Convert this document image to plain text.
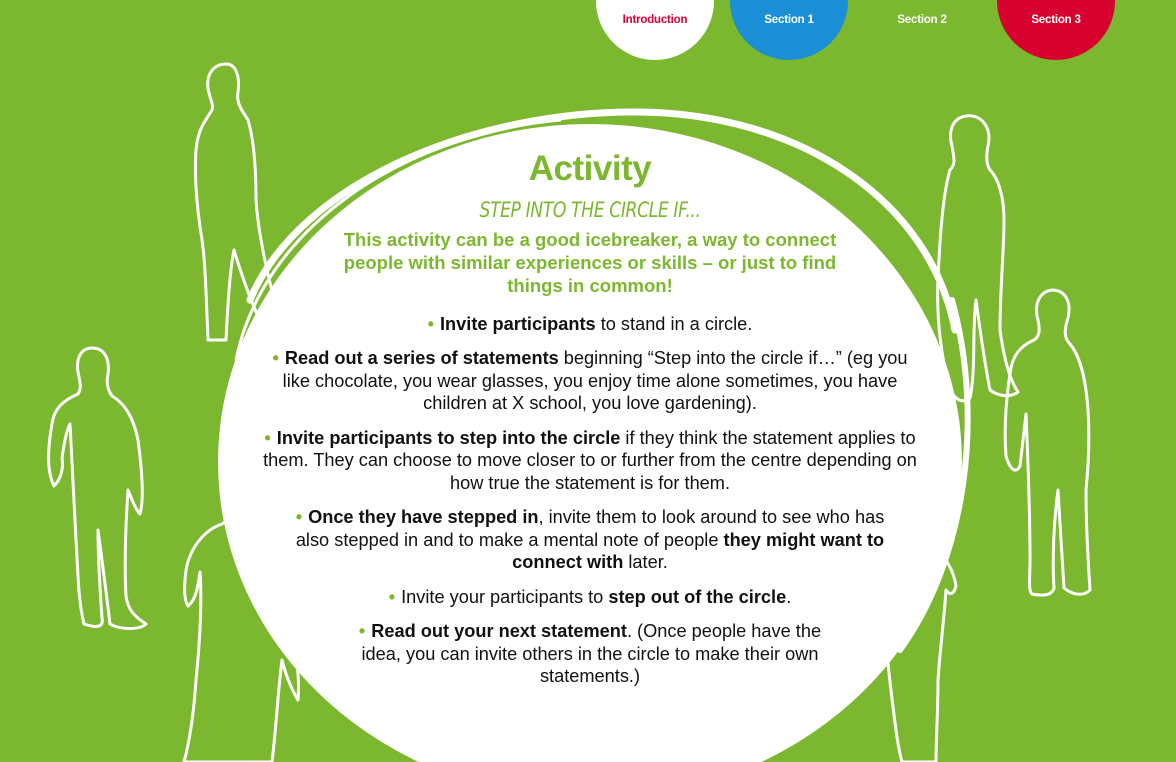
Introduction	Section 1	Section 2	Section 3
Activity
STEP INTO THE CIRCLE IF...

This activity can be a good icebreaker, a way to connect people with similar experiences or skills – or just to find things in common!

• Invite participants to stand in a circle.
• Read out a series of statements beginning “Step into the circle if…” (eg you like chocolate, you wear glasses, you enjoy time alone sometimes, you have children at X school, you love gardening).
• Invite participants to step into the circle if they think the statement applies to them. They can choose to move closer to or further from the centre depending on how true the statement is for them.
• Once they have stepped in, invite them to look around to see who has also stepped in and to make a mental note of people they might want to connect with later.
• Invite your participants to step out of the circle.
• Read out your next statement. (Once people have the idea, you can invite others in the circle to make their own statements.)
